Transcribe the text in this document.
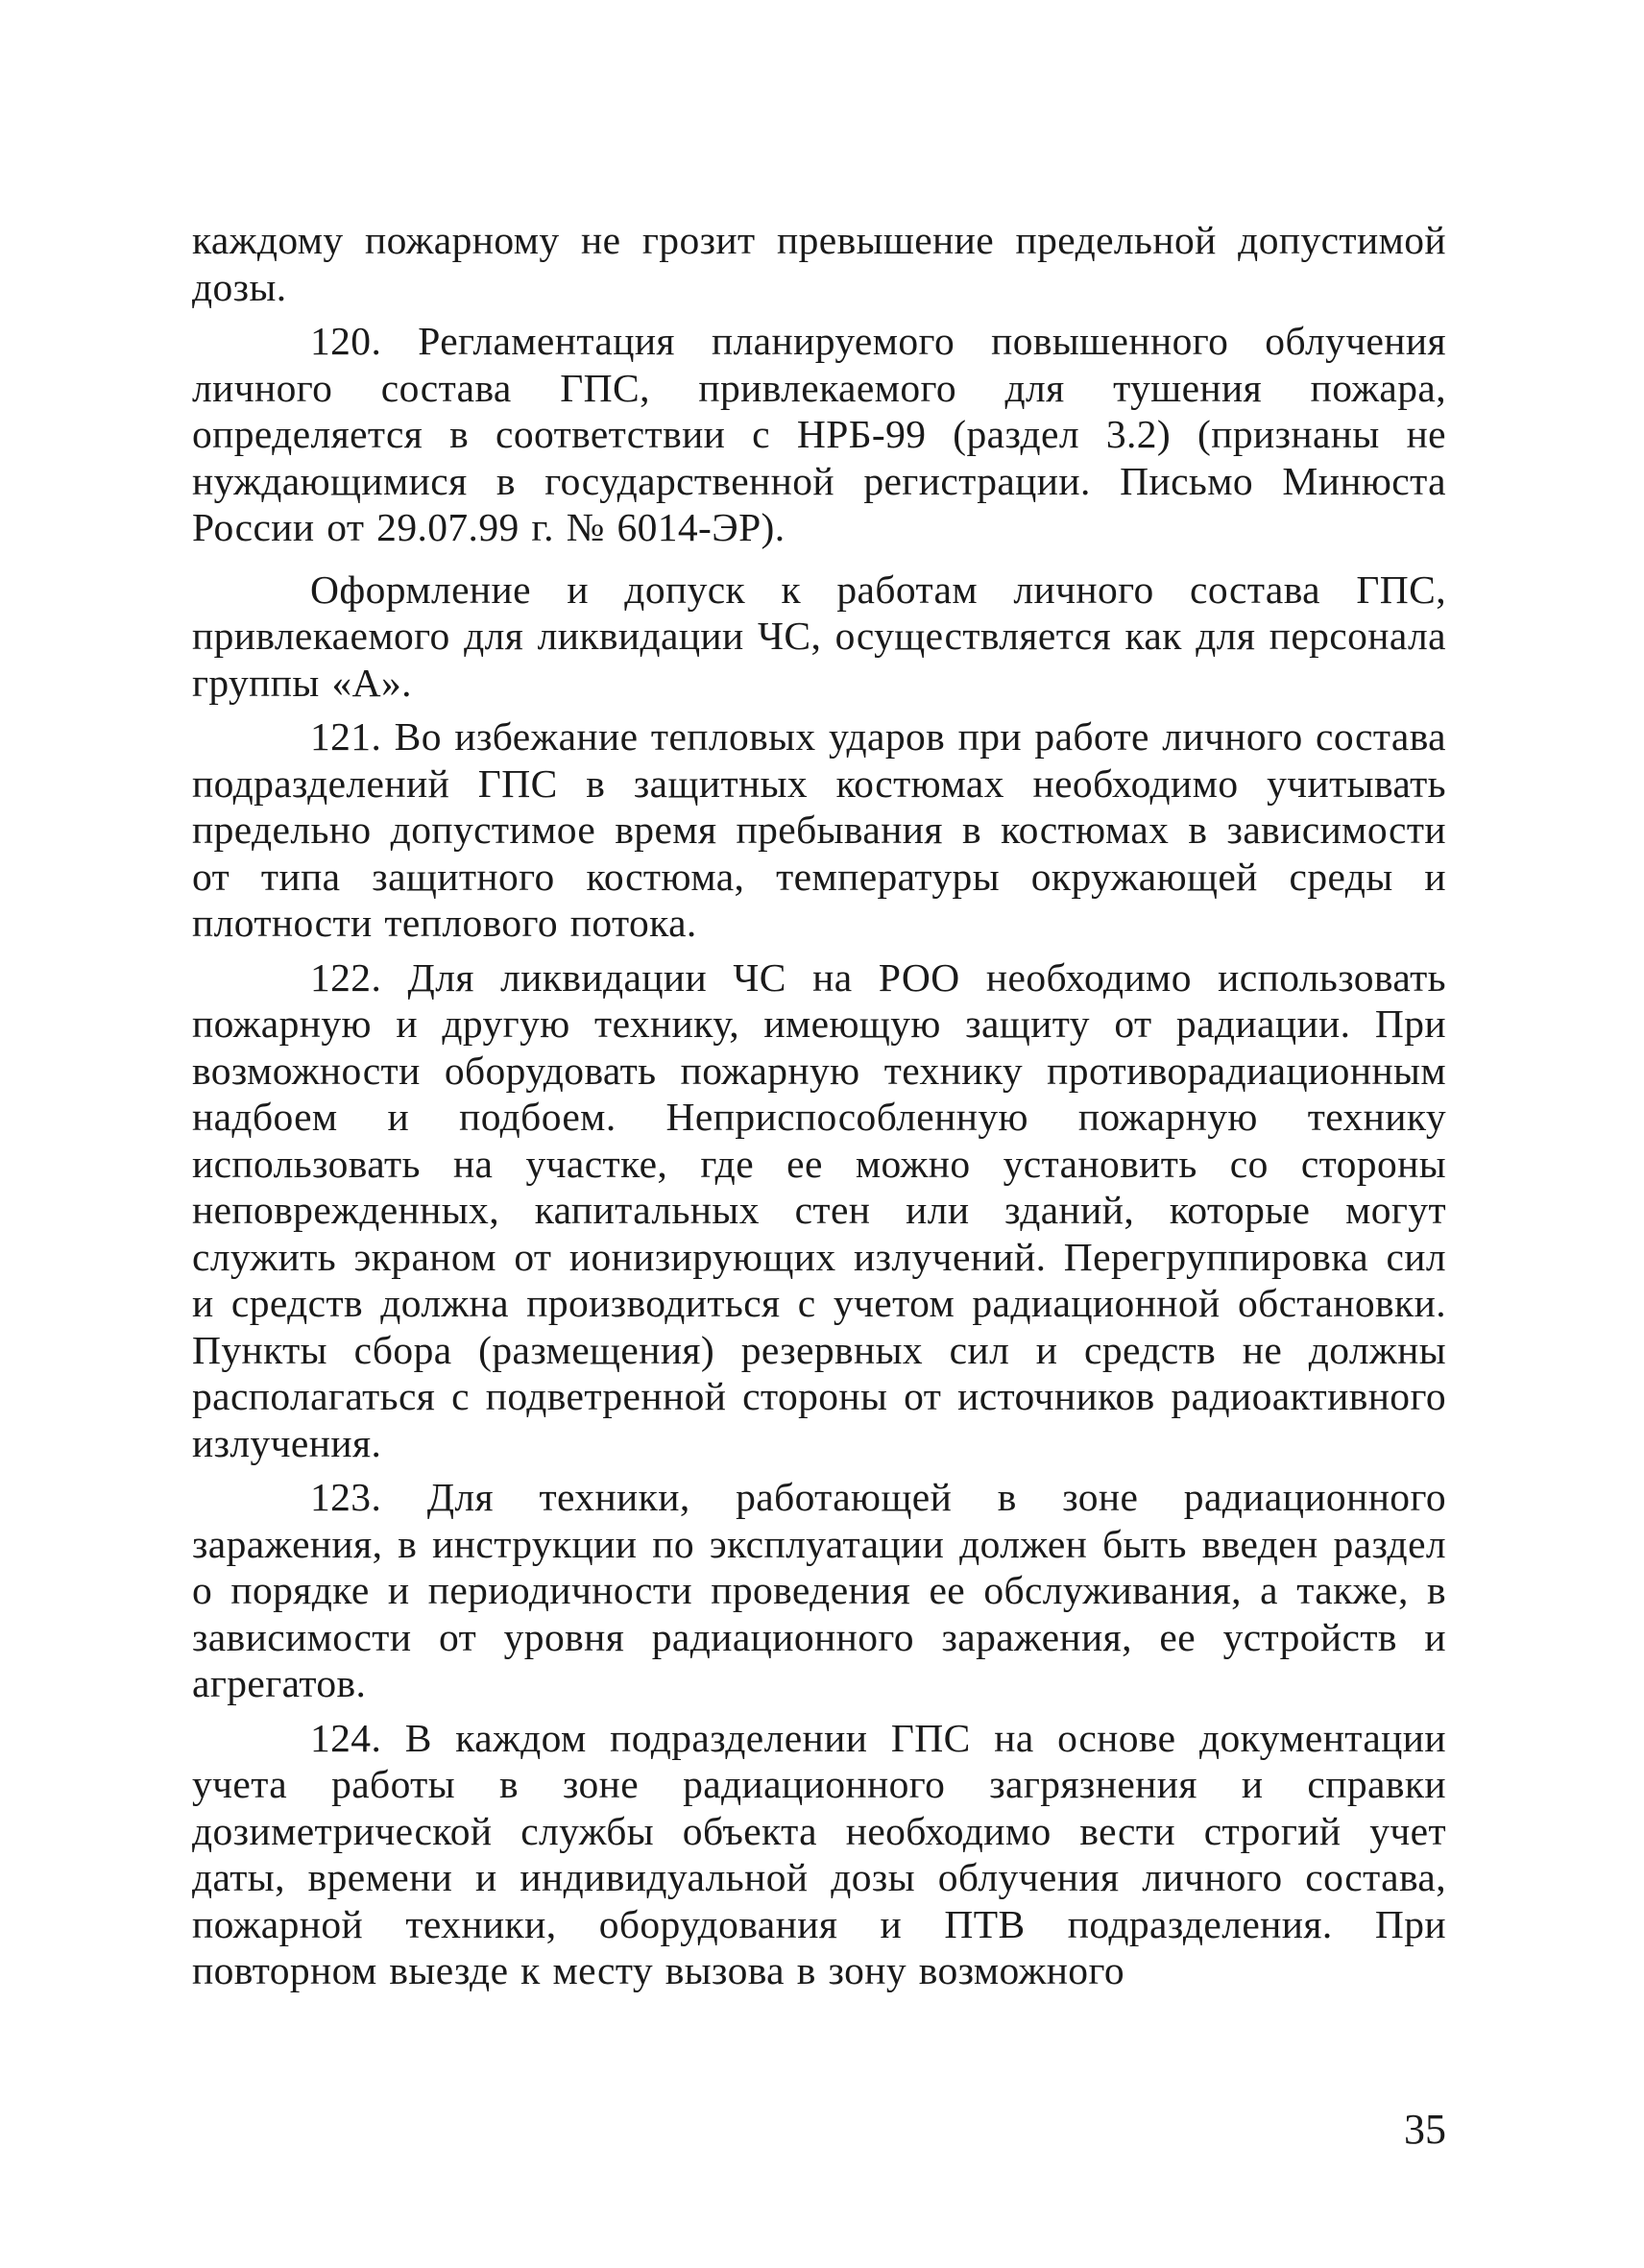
каждому пожарному не грозит превышение предельной допустимой дозы.

120. Регламентация планируемого повышенного облучения личного состава ГПС, привлекаемого для тушения пожара, определяется в соответствии с НРБ-99 (раздел 3.2) (признаны не нуждающимися в государственной регистрации. Письмо Минюста России от 29.07.99 г. № 6014-ЭР).

Оформление и допуск к работам личного состава ГПС, привлекаемого для ликвидации ЧС, осуществляется как для персонала группы «А».

121. Во избежание тепловых ударов при работе личного состава подразделений ГПС в защитных костюмах необходимо учитывать предельно допустимое время пребывания в костюмах в зависимости от типа защитного костюма, температуры окружающей среды и плотности теплового потока.

122. Для ликвидации ЧС на РОО необходимо использовать пожарную и другую технику, имеющую защиту от радиации. При возможности оборудовать пожарную технику противорадиационным надбоем и подбоем. Неприспособленную пожарную технику использовать на участке, где ее можно установить со стороны неповрежденных, капитальных стен или зданий, которые могут служить экраном от ионизирующих излучений. Перегруппировка сил и средств должна производиться с учетом радиационной обстановки. Пункты сбора (размещения) резервных сил и средств не должны располагаться с подветренной стороны от источников радиоактивного излучения.

123. Для техники, работающей в зоне радиационного заражения, в инструкции по эксплуатации должен быть введен раздел о порядке и периодичности проведения ее обслуживания, а также, в зависимости от уровня радиационного заражения, ее устройств и агрегатов.

124. В каждом подразделении ГПС на основе документации учета работы в зоне радиационного загрязнения и справки дозиметрической службы объекта необходимо вести строгий учет даты, времени и индивидуальной дозы облучения личного состава, пожарной техники, оборудования и ПТВ подразделения. При повторном выезде к месту вызова в зону возможного

35
